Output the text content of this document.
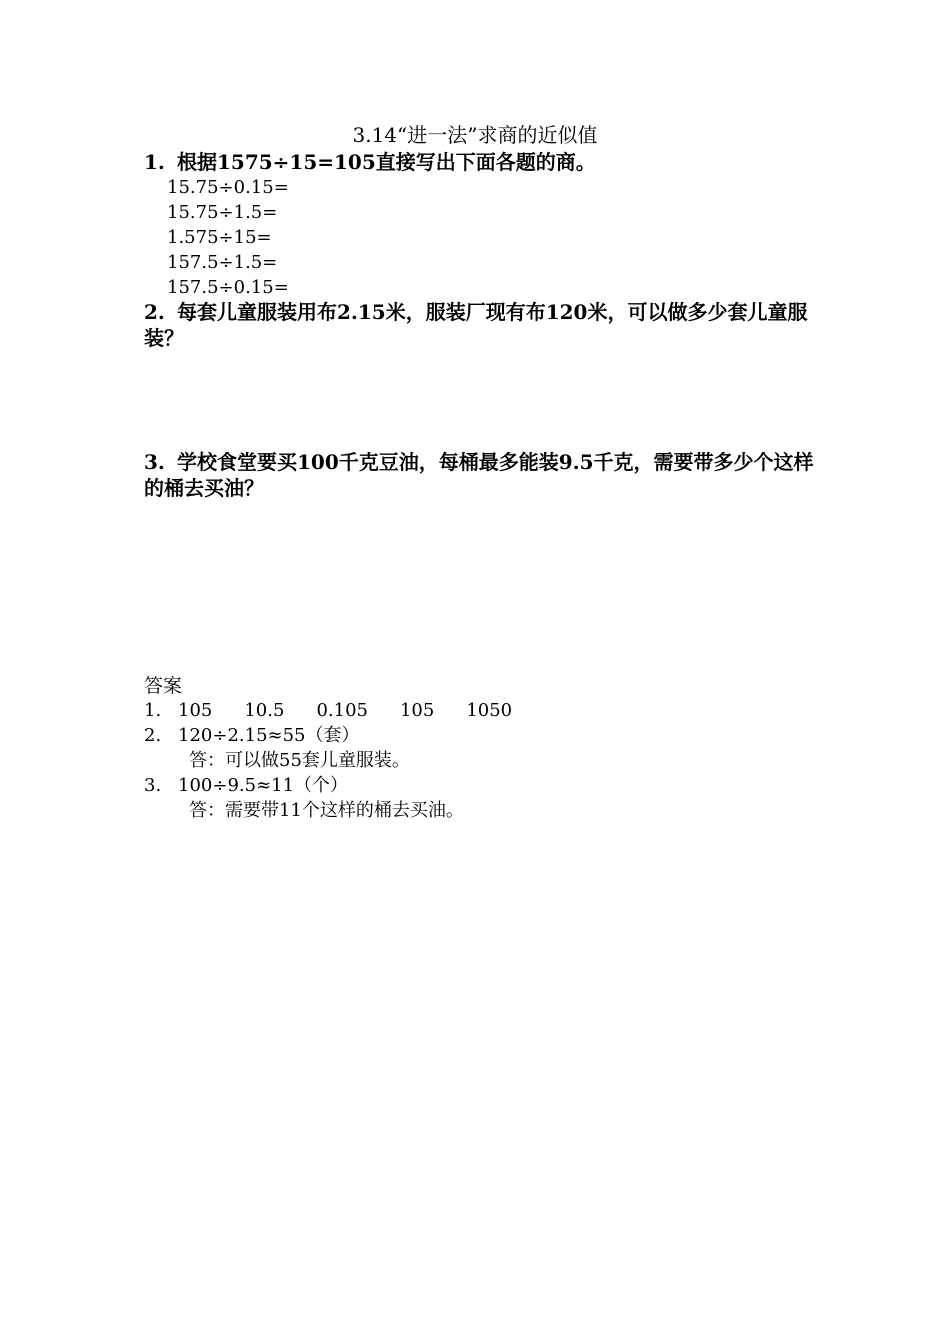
3.14“进一法”求商的近似值
1. 根据1575÷15=105直接写出下面各题的商。
15.75÷0.15=
15.75÷1.5=
1.575÷15=
157.5÷1.5=
157.5÷0.15=
2. 每套儿童服装用布2.15米，服装厂现有布120米，可以做多少套儿童服装？
3. 学校食堂要买100千克豆油，每桶最多能装9.5千克，需要带多少个这样的桶去买油？
答案
1. 105 10.5 0.105 105 1050
2. 120÷2.15≈55（套）
答：可以做55套儿童服装。
3. 100÷9.5≈11（个）
答：需要带11个这样的桶去买油。
